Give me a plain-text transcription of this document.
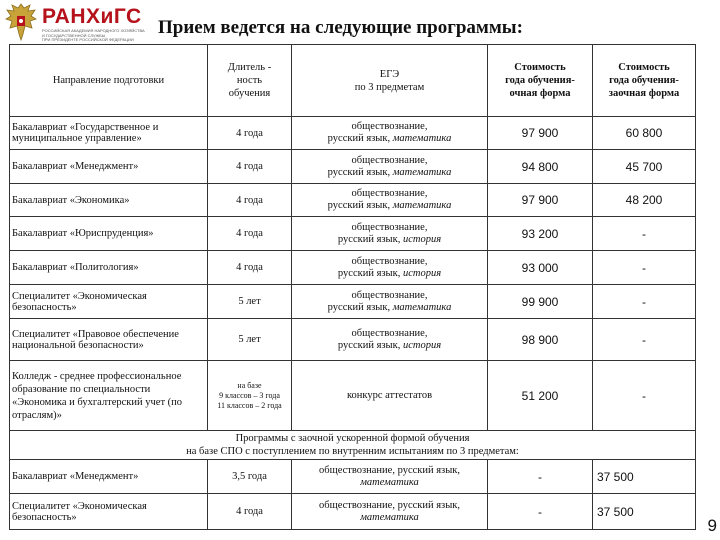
РАНХиГС
РОССИЙСКАЯ АКАДЕМИЯ НАРОДНОГО ХОЗЯЙСТВА
И ГОСУДАРСТВЕННОЙ СЛУЖБЫ
ПРИ ПРЕЗИДЕНТЕ РОССИЙСКОЙ ФЕДЕРАЦИИ
Прием ведется на следующие программы:
Направление подготовки	Длитель -
ность
обучения	ЕГЭ
по 3 предметам	Стоимость
года обучения-
очная форма	Стоимость
года обучения-
заочная форма

Бакалавриат «Государственное и муниципальное управление»	4 года	обществознание,
русский язык, математика	97 900	60 800
Бакалавриат «Менеджмент»	4 года	обществознание,
русский язык, математика	94 800	45 700
Бакалавриат «Экономика»	4 года	обществознание,
русский язык, математика	97 900	48 200
Бакалавриат «Юриспруденция»	4 года	обществознание,
русский язык, история	93 200	-
Бакалавриат «Политология»	4 года	обществознание,
русский язык, история	93 000	-
Специалитет «Экономическая безопасность»	5 лет	обществознание,
русский язык, математика	99 900	-
Специалитет «Правовое обеспечение национальной безопасности»	5 лет	обществознание,
русский язык, история	98 900	-
Колледж - среднее профессиональное образование по специальности «Экономика и бухгалтерский учет (по отраслям)»	на базе
9 классов – 3 года
11 классов – 2 года	конкурс аттестатов	51 200	-

Программы с заочной ускоренной формой обучения
на базе СПО с поступлением по внутренним испытаниям по 3 предметам:				

Бакалавриат «Менеджмент»	3,5 года	обществознание, русский язык,
математика	-	37 500
Специалитет «Экономическая безопасность»	4 года	обществознание, русский язык,
математика	-	37 500
9
